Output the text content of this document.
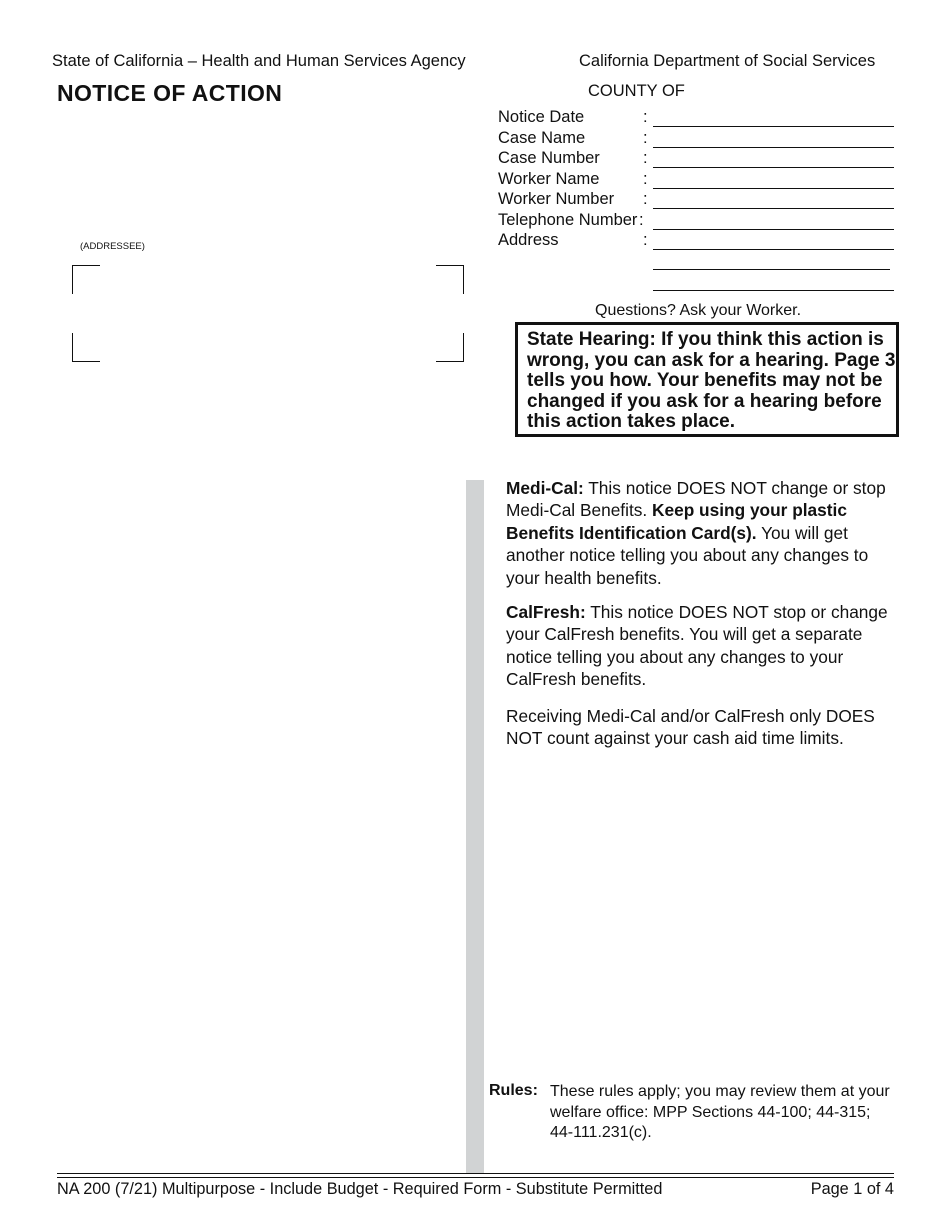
State of California – Health and Human Services Agency	California Department of Social Services
NOTICE OF ACTION	COUNTY OF
Notice Date	:
Case Name	:
Case Number	:
Worker Name	:
Worker Number :
Telephone Number :
Address	:
(ADDRESSEE)
Questions? Ask your Worker.
State Hearing: If you think this action is wrong, you can ask for a hearing. Page 3 tells you how. Your benefits may not be changed if you ask for a hearing before this action takes place.
Medi-Cal: This notice DOES NOT change or stop Medi-Cal Benefits. Keep using your plastic Benefits Identification Card(s). You will get another notice telling you about any changes to your health benefits.
CalFresh: This notice DOES NOT stop or change your CalFresh benefits. You will get a separate notice telling you about any changes to your CalFresh benefits.
Receiving Medi-Cal and/or CalFresh only DOES NOT count against your cash aid time limits.
Rules: These rules apply; you may review them at your welfare office: MPP Sections 44-100; 44-315; 44-111.231(c).
NA 200 (7/21) Multipurpose - Include Budget - Required Form - Substitute Permitted	Page 1 of 4
